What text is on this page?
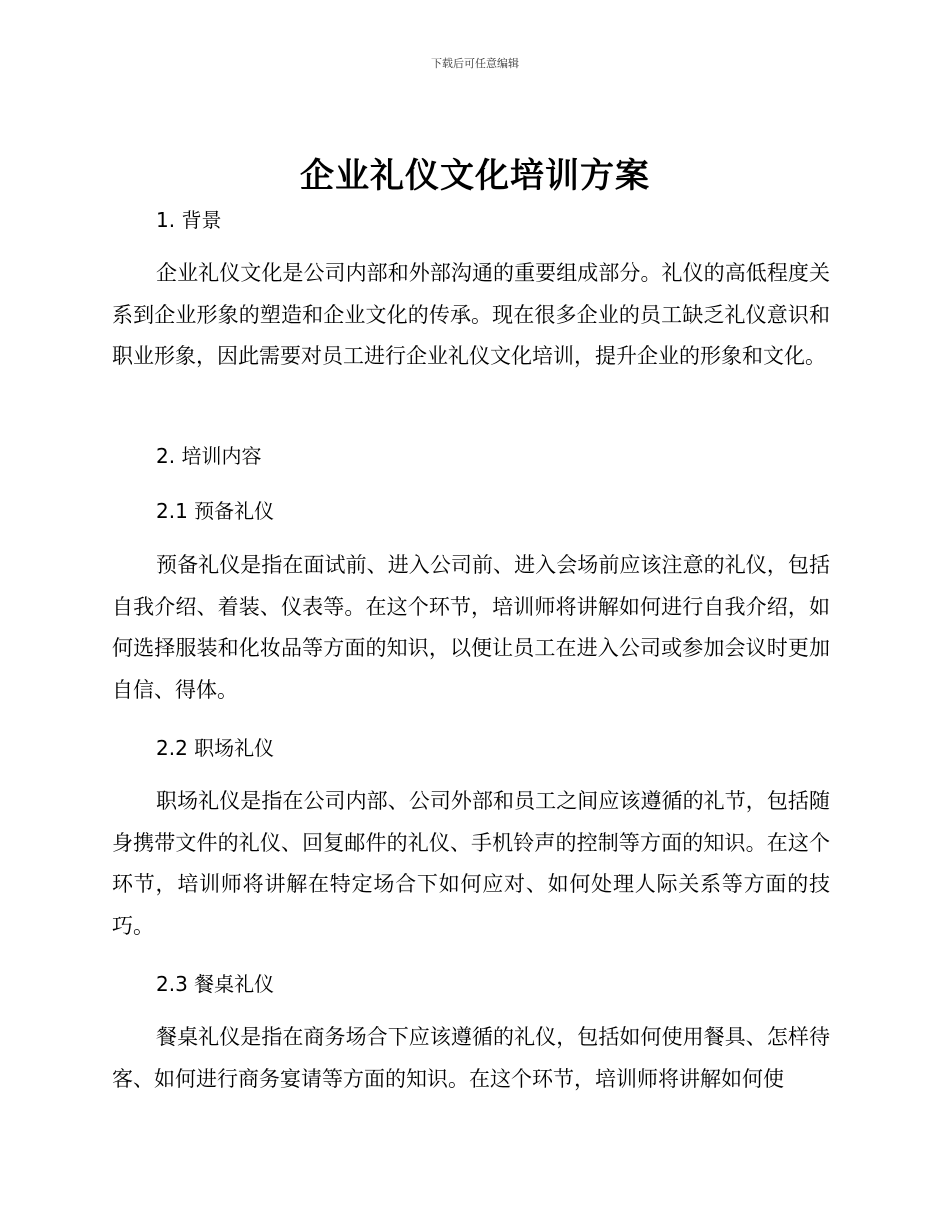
下载后可任意编辑
企业礼仪文化培训方案
1. 背景

企业礼仪文化是公司内部和外部沟通的重要组成部分。礼仪的高低程度关系到企业形象的塑造和企业文化的传承。现在很多企业的员工缺乏礼仪意识和职业形象，因此需要对员工进行企业礼仪文化培训，提升企业的形象和文化。

2. 培训内容
2.1 预备礼仪

预备礼仪是指在面试前、进入公司前、进入会场前应该注意的礼仪，包括自我介绍、着装、仪表等。在这个环节，培训师将讲解如何进行自我介绍，如何选择服装和化妆品等方面的知识，以便让员工在进入公司或参加会议时更加自信、得体。

2.2 职场礼仪

职场礼仪是指在公司内部、公司外部和员工之间应该遵循的礼节，包括随身携带文件的礼仪、回复邮件的礼仪、手机铃声的控制等方面的知识。在这个环节，培训师将讲解在特定场合下如何应对、如何处理人际关系等方面的技巧。

2.3 餐桌礼仪

餐桌礼仪是指在商务场合下应该遵循的礼仪，包括如何使用餐具、怎样待客、如何进行商务宴请等方面的知识。在这个环节，培训师将讲解如何使
